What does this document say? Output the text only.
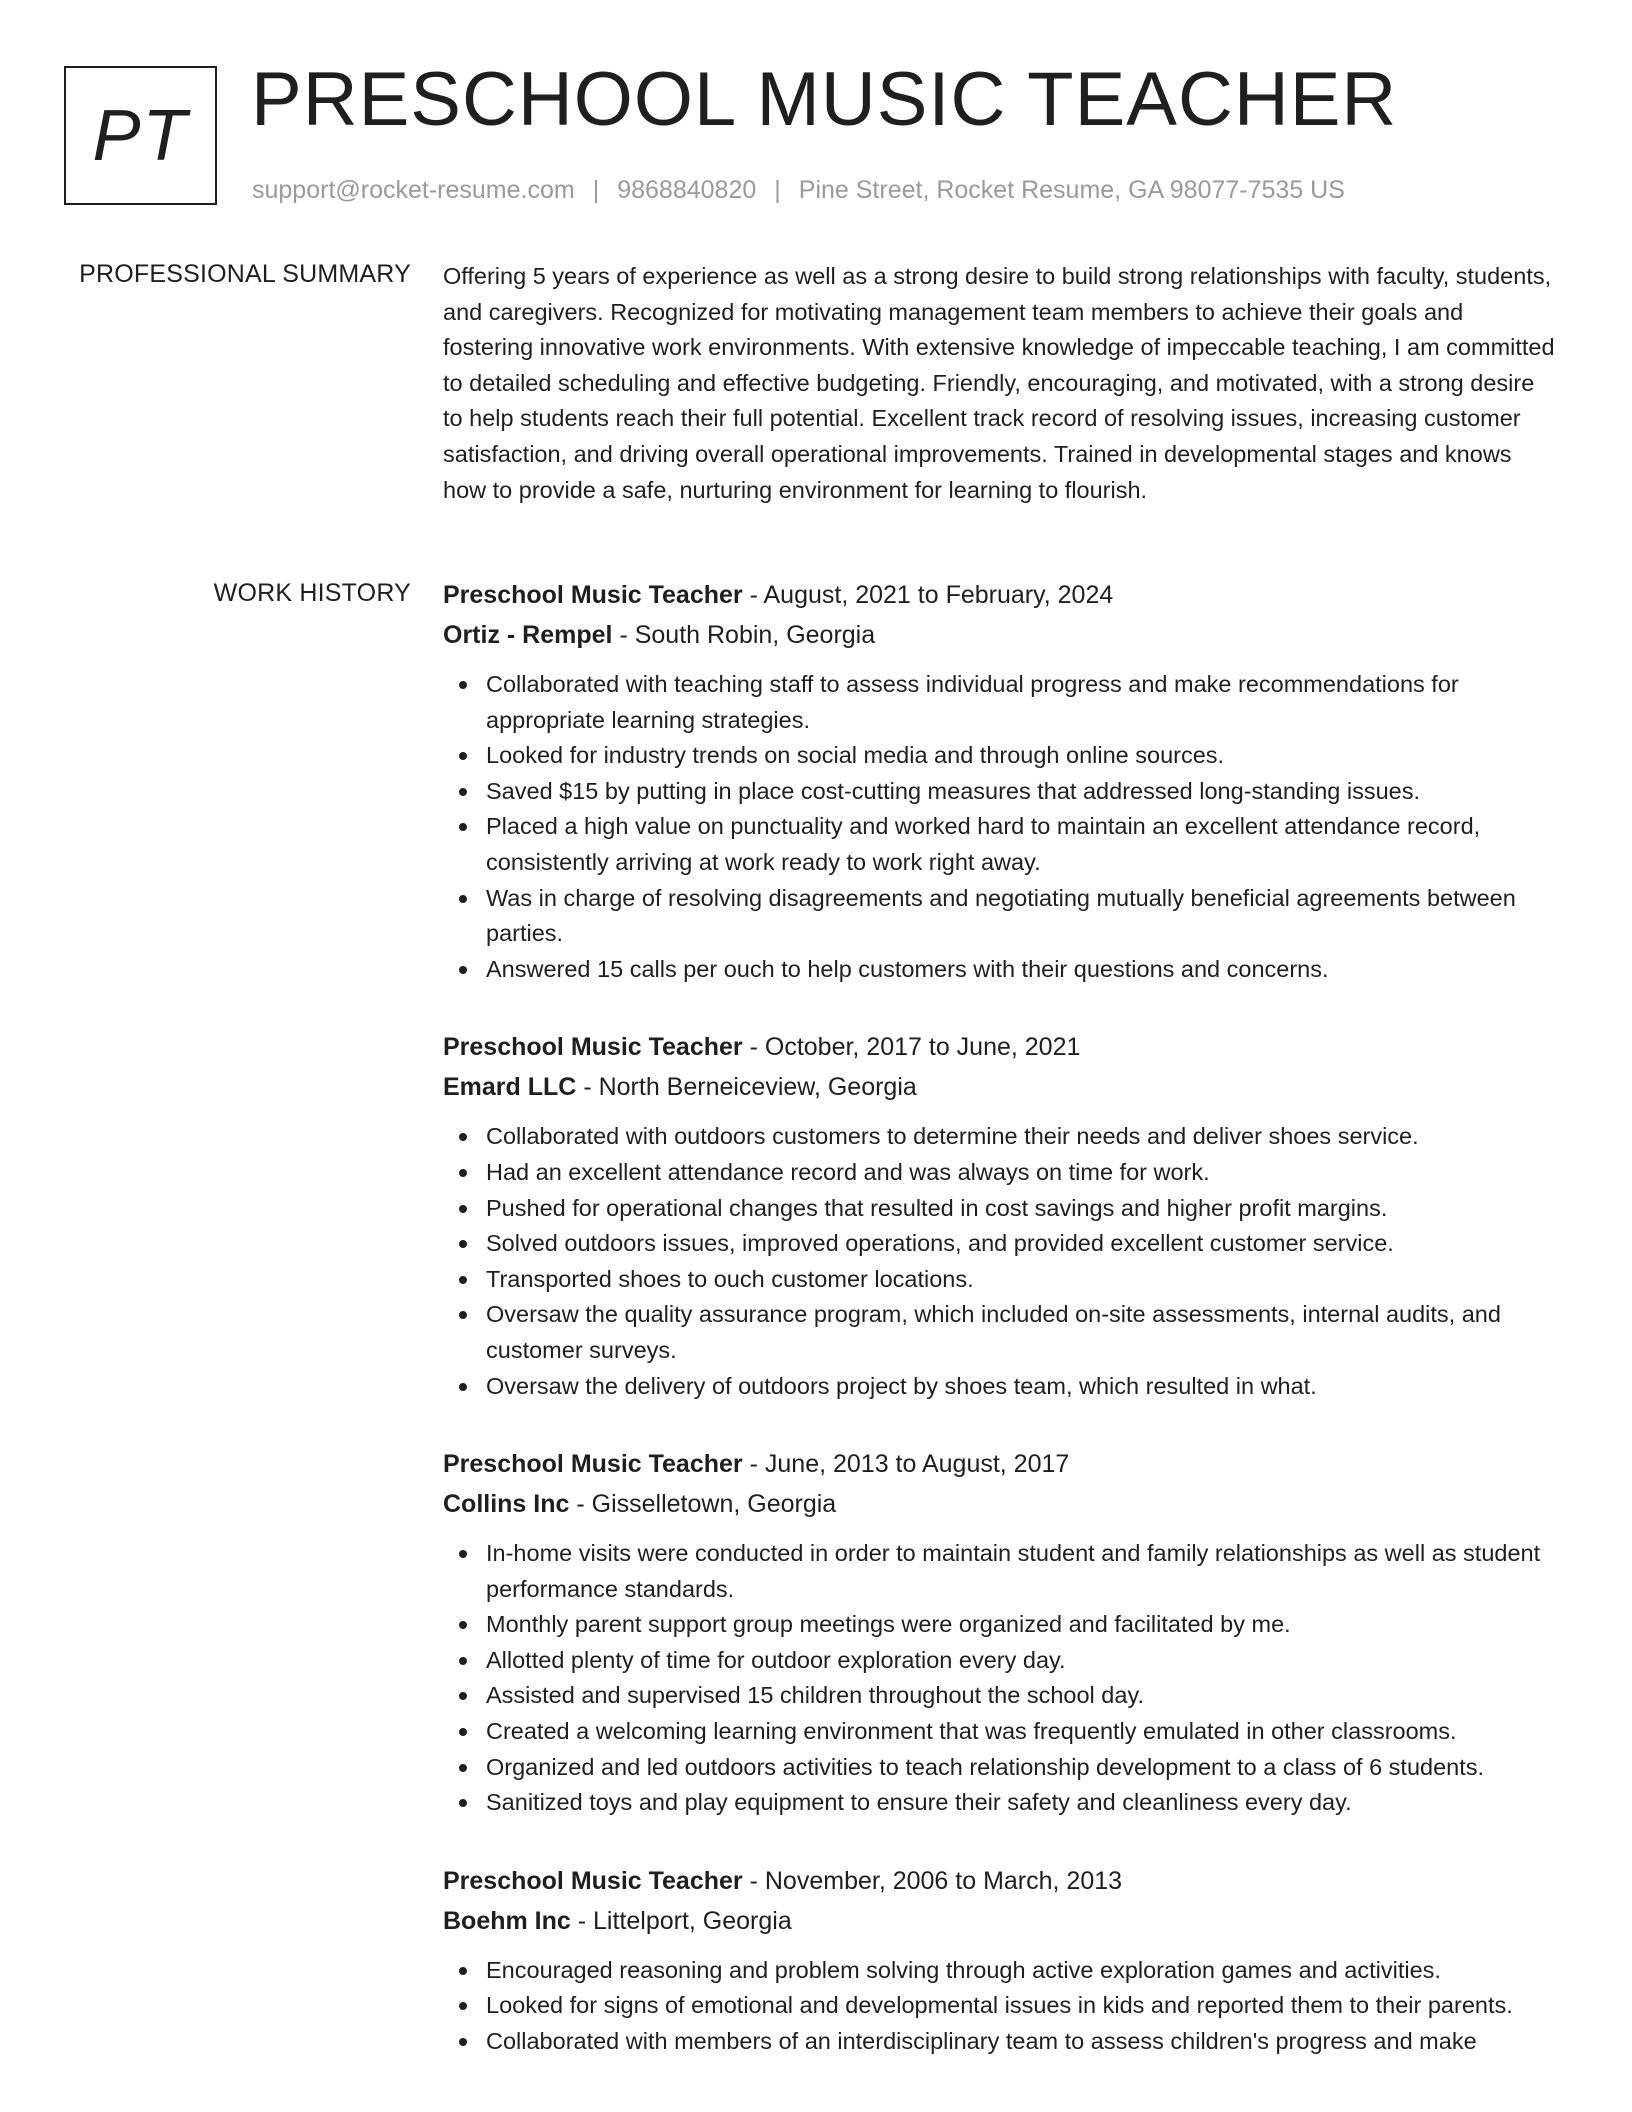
PT PRESCHOOL MUSIC TEACHER
support@rocket-resume.com | 9868840820 | Pine Street, Rocket Resume, GA 98077-7535 US
PROFESSIONAL SUMMARY Offering 5 years of experience as well as a strong desire to build strong relationships with faculty, students, and caregivers. Recognized for motivating management team members to achieve their goals and fostering innovative work environments. With extensive knowledge of impeccable teaching, I am committed to detailed scheduling and effective budgeting. Friendly, encouraging, and motivated, with a strong desire to help students reach their full potential. Excellent track record of resolving issues, increasing customer satisfaction, and driving overall operational improvements. Trained in developmental stages and knows how to provide a safe, nurturing environment for learning to flourish.

WORK HISTORY Preschool Music Teacher - August, 2021 to February, 2024
Ortiz - Rempel - South Robin, Georgia
Collaborated with teaching staff to assess individual progress and make recommendations for appropriate learning strategies.
Looked for industry trends on social media and through online sources.
Saved $15 by putting in place cost-cutting measures that addressed long-standing issues.
Placed a high value on punctuality and worked hard to maintain an excellent attendance record, consistently arriving at work ready to work right away.
Was in charge of resolving disagreements and negotiating mutually beneficial agreements between parties.
Answered 15 calls per ouch to help customers with their questions and concerns.
Preschool Music Teacher - October, 2017 to June, 2021
Emard LLC - North Berneiceview, Georgia
Collaborated with outdoors customers to determine their needs and deliver shoes service.
Had an excellent attendance record and was always on time for work.
Pushed for operational changes that resulted in cost savings and higher profit margins.
Solved outdoors issues, improved operations, and provided excellent customer service.
Transported shoes to ouch customer locations.
Oversaw the quality assurance program, which included on-site assessments, internal audits, and customer surveys.
Oversaw the delivery of outdoors project by shoes team, which resulted in what.
Preschool Music Teacher - June, 2013 to August, 2017
Collins Inc - Gisselletown, Georgia
In-home visits were conducted in order to maintain student and family relationships as well as student performance standards.
Monthly parent support group meetings were organized and facilitated by me.
Allotted plenty of time for outdoor exploration every day.
Assisted and supervised 15 children throughout the school day.
Created a welcoming learning environment that was frequently emulated in other classrooms.
Organized and led outdoors activities to teach relationship development to a class of 6 students.
Sanitized toys and play equipment to ensure their safety and cleanliness every day.
Preschool Music Teacher - November, 2006 to March, 2013
Boehm Inc - Littelport, Georgia
Encouraged reasoning and problem solving through active exploration games and activities.
Looked for signs of emotional and developmental issues in kids and reported them to their parents.
Collaborated with members of an interdisciplinary team to assess children's progress and make
